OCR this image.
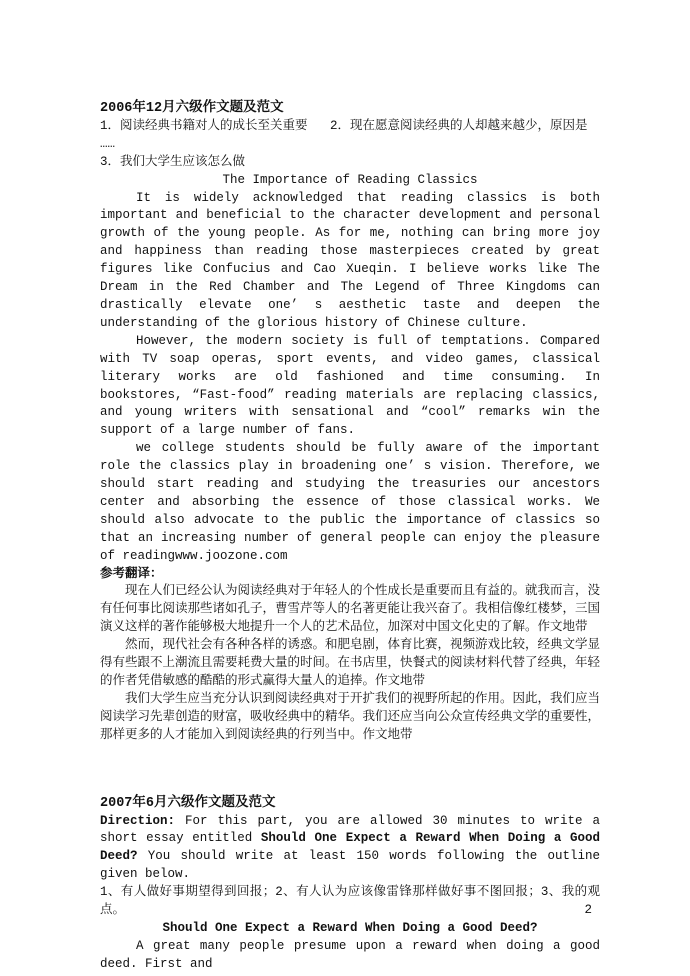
2006年12月六级作文题及范文

1．阅读经典书籍对人的成长至关重要   2．现在愿意阅读经典的人却越来越少，原因是

……

3．我们大学生应该怎么做

The Importance of Reading Classics

It is widely acknowledged that reading classics is both important and beneficial to the character development and personal growth of the young people. As for me, nothing can bring more joy and happiness than reading those masterpieces created by great figures like Confucius and Cao Xueqin. I believe works like The Dream in the Red Chamber and The Legend of Three Kingdoms can drastically elevate one’ s aesthetic taste and deepen the understanding of the glorious history of Chinese culture.

However, the modern society is full of temptations. Compared with TV soap operas, sport events, and video games, classical literary works are old fashioned and time consuming. In bookstores, “Fast-food” reading materials are replacing classics, and young writers with sensational and “cool” remarks win the support of a large number of fans.

we college students should be fully aware of the important role the classics play in broadening one’ s vision. Therefore, we should start reading and studying the treasuries our ancestors center and absorbing the essence of those classical works. We should also advocate to the public the importance of classics so that an increasing number of general people can enjoy the pleasure of readingwww.joozone.com

参考翻译：

现在人们已经公认为阅读经典对于年轻人的个性成长是重要而且有益的。就我而言，没有任何事比阅读那些诸如孔子，曹雪芹等人的名著更能让我兴奋了。我相信像红楼梦，三国演义这样的著作能够极大地提升一个人的艺术品位，加深对中国文化史的了解。作文地带

然而，现代社会有各种各样的诱惑。和肥皂剧，体育比赛，视频游戏比较，经典文学显得有些跟不上潮流且需要耗费大量的时间。在书店里，快餐式的阅读材料代替了经典，年轻的作者凭借敏感的酷酷的形式赢得大量人的追捧。作文地带

我们大学生应当充分认识到阅读经典对于开扩我们的视野所起的作用。因此，我们应当阅读学习先辈创造的财富，吸收经典中的精华。我们还应当向公众宣传经典文学的重要性，那样更多的人才能加入到阅读经典的行列当中。作文地带

2007年6月六级作文题及范文

Direction: For this part, you are allowed 30 minutes to write a short essay entitled Should One Expect a Reward When Doing a Good Deed? You should write at least 150 words following the outline given below.

1、有人做好事期望得到回报；2、有人认为应该像雷锋那样做好事不图回报；3、我的观点。

Should One Expect a Reward When Doing a Good Deed?

A great many people presume upon a reward when doing a good deed. First and

2
